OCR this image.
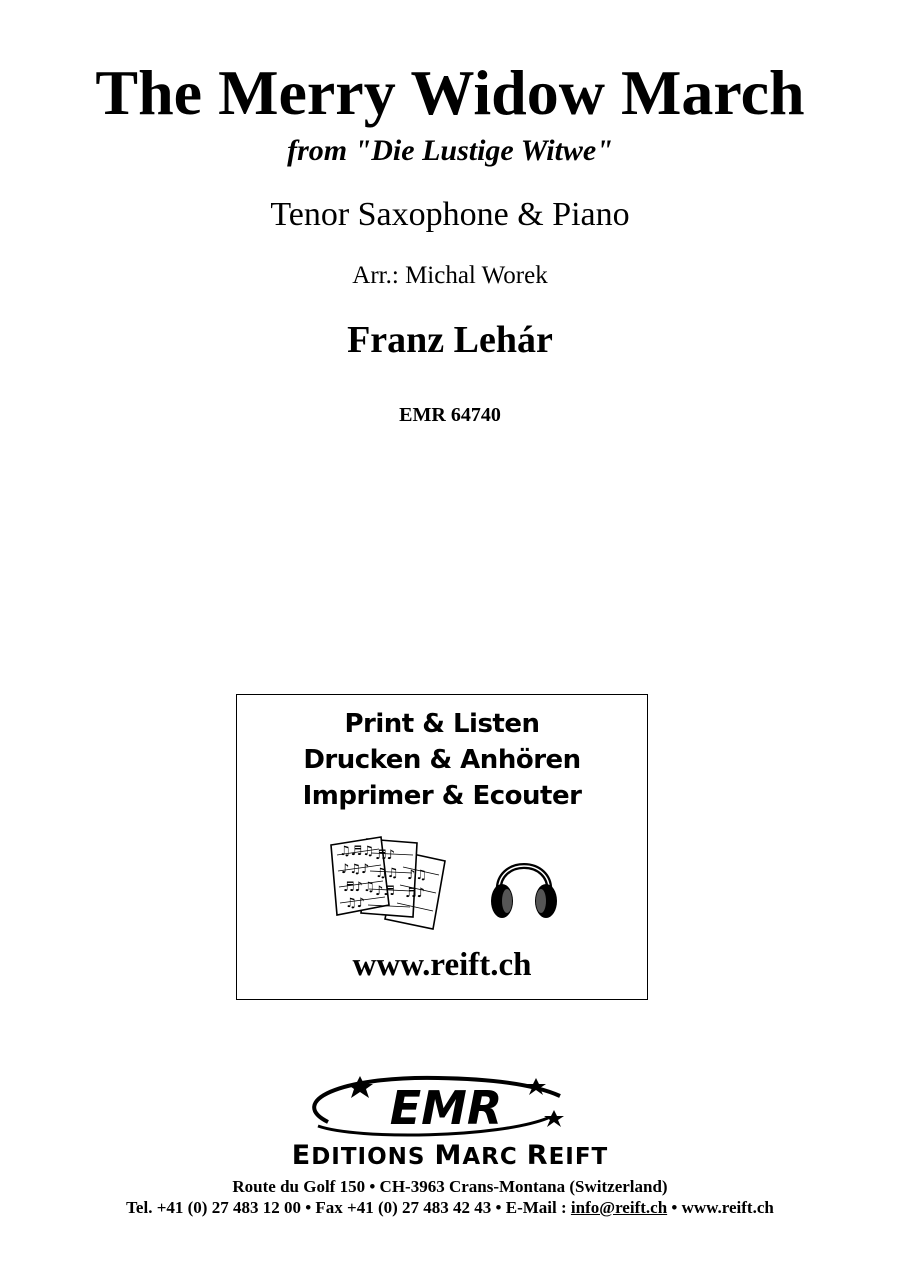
The Merry Widow March
from "Die Lustige Witwe"
Tenor Saxophone & Piano
Arr.: Michal Worek
Franz Lehár
EMR 64740
Print & Listen
Drucken & Anhören
Imprimer & Ecouter
♫♬♫
♪♫♪
♬♪♫
♫♪
♬♪
♫♫
♪♬
♪♫
♬♪
www.reift.ch
EMR
EDITIONS MARC REIFT
Route du Golf 150 • CH-3963 Crans-Montana (Switzerland)
Tel. +41 (0) 27 483 12 00 • Fax +41 (0) 27 483 42 43 • E-Mail : info@reift.ch • www.reift.ch
